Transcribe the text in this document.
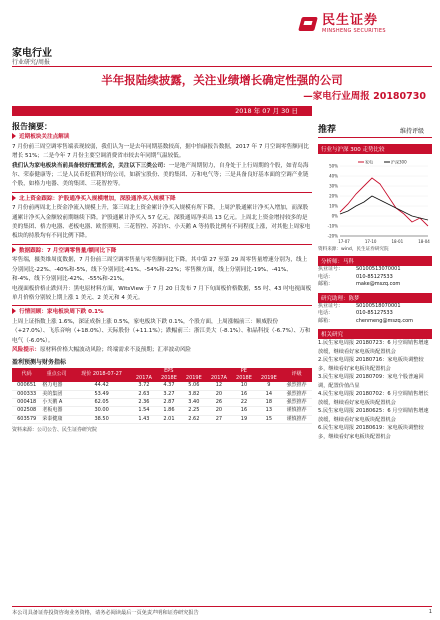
民生证券
MINSHENG SECURITIES
家电行业
行业研究/周报
半年报陆续披露，关注业绩增长确定性强的公司
—家电行业周报 20180730
2018 年 07 月 30 日
报告摘要：
近期板块关注点解读
7 月份前三周空调零售端表现较弱，我们认为一是去年同期基数较高，据中怡康报告数据，2017 年 7 月空调零售额同比增长 51%；二是今年 7 月份主要空调消费省市较去年同期气温较低。
我们认为家电板块当前具备较好配置机会，关注以下三类公司：一是地产周期韧力，自身处于上行周期的个股，如青岛海尔、荣泰健康等；二是人民币贬值利好的公司，如新宝股份、美的集团、万和电气等；三是具备良好基本面的空调产业链个股，如格力电器、美的集团、三花智控等。
北上资金跟踪：沪股通净买入规模增加，深股通净买入规模下降
7 月份前两周北上资金净流入规模上升，第三周北上资金累计净买入规模有所下降，上周沪股通累计净买入增加，而深股通累计净买入金额较前期继续下降。沪股通累计净买入 57 亿元，深股通周净卖出 13 亿元。上周北上资金增持较多的是美的集团、格力电器、老板电器、欧普照明、三花智控、苏泊尔、小天鹅 A 等持股比例有不同程度上涨，对其他上周家电板块的持股均有不同比例下降。
数据跟踪：7 月空调零售量/额同比下降
零售端，摄类维周度数据，7 月份前三周空调零售量与零售额同比下降。其中第 27 至第 29 周零售量增速分别为，线上分别同比-22%、-40%和-5%，线下分别同比-41%、-54%和-22%；零售额方面，线上分别同比-19%、-41%、和-4%，线下分别同比-42%、-55%和-21%。
电视面板价格止跌回升：黑电原材料方面，WitsView 于 7 月 20 日发布 7 月下旬面板价格数据，55 吋、43 吋电视面板单月价格分别较上期上涨 1 美元、2 美元和 4 美元。
行情回顾：家电板块周下跌 0.1%
上周上证指数上涨 1.6%，深证成指上涨 0.5%，家电板块下跌 0.1%，个股方面，上周涨幅前三：顺威股份（+27.0%）、飞乐音响（+18.0%）、天际股份（+11.1%）；跌幅前三：浙江美大（-8.1%）、和晶科技（-6.7%）、万和电气（-6.0%）。
风险提示：原材料价格大幅波动风险；终端需求不及预期；汇率波动风险
盈利预测与财务指标
代码	重点公司	现价 2018-07-27	EPS			PE			评级
			2017A	2018E	2019E	2017A	2018E	2019E	
000651	格力电器	44.42	3.72	4.37	5.06	12	10	9	强烈推荐
000333	美的集团	53.49	2.63	3.27	3.82	20	16	14	强烈推荐
000418	小天鹅 A	62.05	2.36	2.87	3.40	26	22	18	强烈推荐
002508	老板电器	30.00	1.54	1.86	2.25	20	16	13	谨慎推荐
603579	荣泰健康	38.50	1.43	2.01	2.62	27	19	15	谨慎推荐
资料来源：公司公告、民生证券研究院
推荐	维持评级
行业与沪深 300 走势比较
50%
40%
30%
20%
10%
0%
-10%
-20%
17-07	17-10	18-01	18-04
家电	沪深300
资料来源：wind，民生证券研究院
分析师：马科
执业证号：	S0100513070001
电话：	010-85127533
邮箱：	make@mszq.com
研究助理：陈梦
执业证号：	S0100518070001
电话：	010-85127533
邮箱：	chenmeng@mszq.com
相关研究
1.民生家电周报 20180723：6 月空调销售增速放缓，继续看好家电板块配置机会
2.民生家电周报 20180716：家电板块调整较多，继续看好家电板块配置机会
3.民生家电周报 20180709：家电个股普遍回调，配置价值凸显
4.民生家电周报 20180702：6 月空调销售增长放缓，继续看好家电板块配置机会
5.民生家电周报 20180625：6 月空调销售增速放缓，继续看好家电板块配置机会
6.民生家电周报 20180619：家电板块调整较多，继续看好家电板块配置机会
本公司具备证券投资咨询业务资格，请务必阅读最后一页免责声明和证券研究报告	1
